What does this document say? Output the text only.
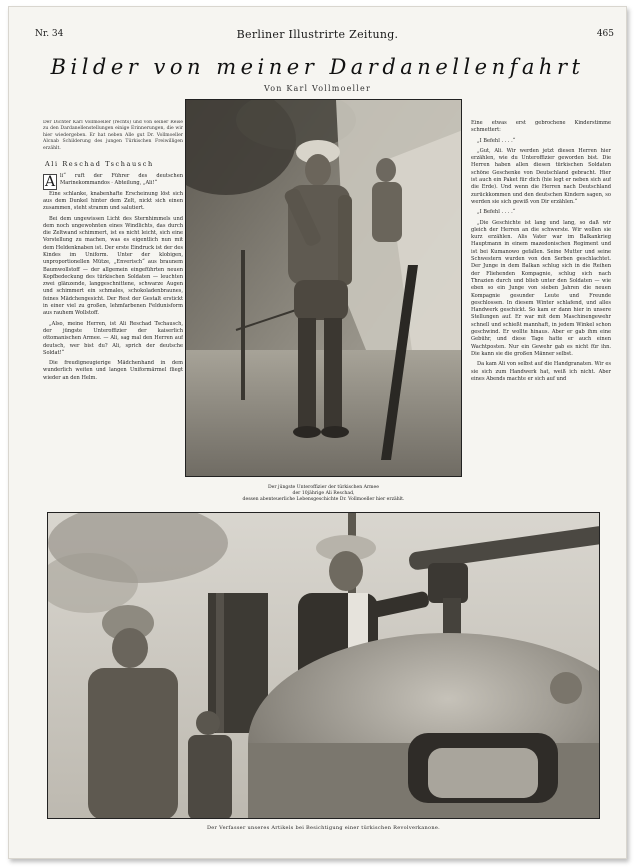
Nr. 34	Berliner Illustrirte Zeitung.	465
Bilder von meiner Dardanellenfahrt
Von Karl Vollmoeller
Der Dichter Karl Vollmoeller (rechts) und von seiner Reise zu den Dardanellenstellungen einige Erinnerungen, die wir hier wiedergeben. Er hat neben Alle gut Dr. Vollmoeller Alcnab Schilderung des jungen Türkischen Freiwilligen erzählt.
Ali Reschad Tschausch
A li“ ruft der Führer des deutschen Marinekommandos · Abteilung, „Ali!“

Eine schlanke, knabenhafte Erscheinung löst sich aus dem Dunkel hinter dem Zelt, nickt sich einen zusammen, steht stramm und salutiert.

Bei dem ungewissen Licht des Sternhimmels und dem noch ungewohnten eines Windlichts, das durch die Zeltwand schimmert, ist es nicht leicht, sich eine Vorstellung zu machen, was es eigentlich nun mit dem Heldenknaben ist. Der erste Eindruck ist der des Kindes im Uniform. Unter der klobigen, unproportionellen Mütze, „Enverisch“ aus braunem Baumwollstoff — der allgemein eingeführten neuen Kopfbedeckung des türkischen Soldaten — leuchten zwei glänzende, langgeschnittene, schwarze Augen und schimmert ein schmales, schokoladenbraunes, feines Mädchengesicht. Der Rest der Gestalt erstickt in einer viel zu großen, lehmfarbenen Feldunisform aus rauhem Wollstoff.

„Also, meine Herren, ist Ali Reschad Tschausch, der jüngste Unteroffizier der kaiserlich ottomanischen Armee. — Ali, sag mal den Herren auf deutsch, wer bist du? Ali, sprich der deutsche Soldat!“

Die freudigneugierige Mädchenhand in dem wunderlich weiten und langen Uniformärmel fliegt wieder an den Helm.

Der jüngste Unteroffizier der türkischen Armee
der 10jährige Ali Reschad,
dessen abenteuerliche Lebensgeschichte Dr. Vollmoeller hier erzählt.

Eine etwas erst gebrochene Kinderstimme schmettert:

„I Befehl . . . .“

„Gut, Ali. Wir werden jetzt diesen Herren hier erzählen, wie du Unteroffizier geworden bist. Die Herren haben allen diesen türkischen Soldaten schöne Geschenke von Deutschland gebracht. Hier ist auch ein Paket für dich (hie legt er neben sich auf die Erde). Und wenn die Herren nach Deutschland zurückkommen und den deutschen Kindern sagen, so werden sie sich gewiß von Dir erzählen.“

„I Befehl . . . .“

„Die Geschichte ist lang und lang, so daß wir gleich der Herren an die schwerste. Wir wollen sie kurz erzählen. Alis Vater war im Balkankrieg Hauptmann in einem mazedonischen Regiment und ist bei Kumanowo gefallen. Seine Mutter und seine Schwestern wurden von den Serben geschlachtet. Der Junge in dem Balkan schlug sich in die Reihen der Fliehenden Kompagnie, schlug sich nach Thrazien durch und blieb unter den Soldaten — wie eben so ein Junge von sieben Jahren die neuen Kompagnie gesunder Leute und Freunde geschlossen. In diesem Winter schlafend, und alles Handwerk geschickt. So kam er dann hier in unsere Stellungen auf. Er war mit dem Maschinengewehr schnell und schießt mannhaft, in jedem Winkel schon geschwind. Er wollte hinaus. Aber er gab ihm eine Gebühr, und diese Tage hatte er auch einen Wachtposten. Nur ein Gewehr gab es nicht für ihn. Die kann sie die großen Männer selbst.

Da kam Ali von selbst auf die Handgranaten. Wir es sie sich zum Handwerk hat, weiß ich nicht. Aber eines Abends machte er sich auf und

Der Verfasser unseres Artikels bei Besichtigung einer türkischen Revolverkanone.
